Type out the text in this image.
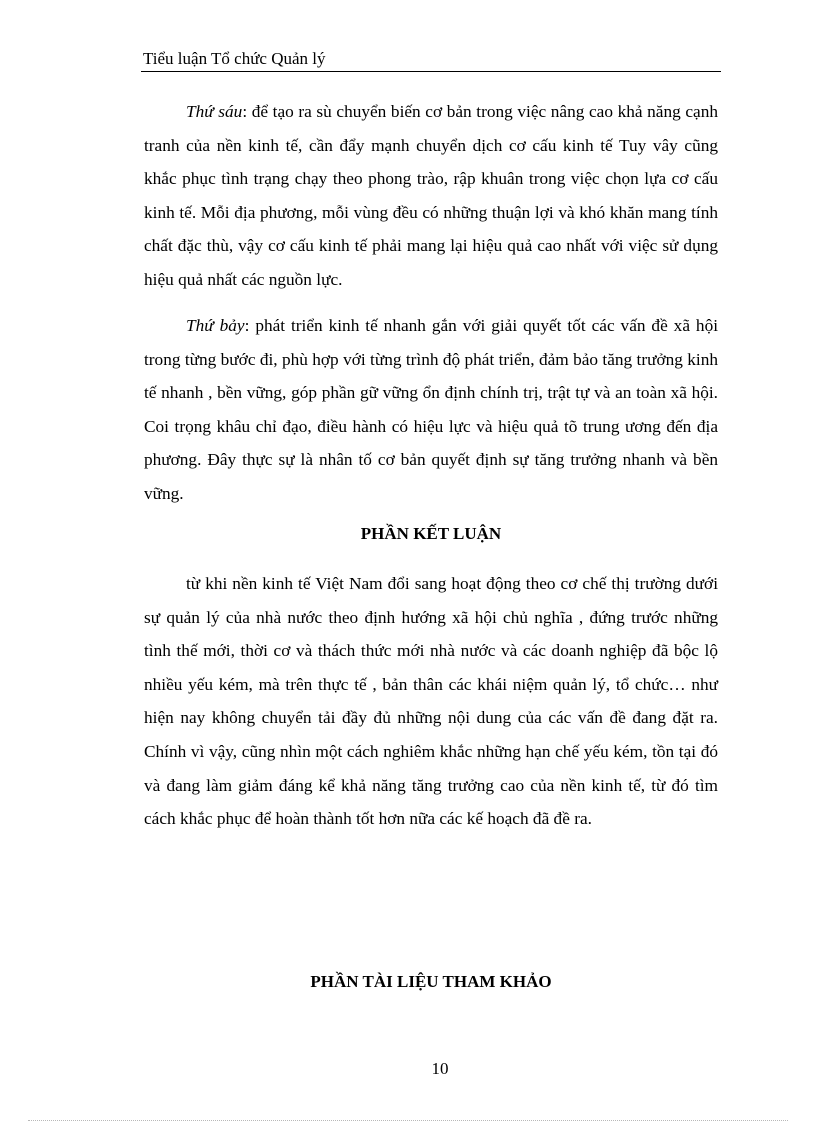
Tiểu luận Tổ chức Quản lý

Thứ sáu: để tạo ra sù chuyển biến cơ bản trong việc nâng cao khả năng cạnh tranh của nền kinh tế, cần đẩy mạnh chuyển dịch cơ cấu kinh tế Tuy vây cũng khắc phục tình trạng chạy theo phong trào, rập khuân trong việc chọn lựa cơ cấu kinh tế. Mỗi địa phương, mỗi vùng đều có những thuận lợi và khó khăn mang tính chất đặc thù, vậy cơ cấu kinh tế phải mang lại hiệu quả cao nhất với việc sử dụng hiệu quả nhất các nguồn lực.

Thứ bảy: phát triển kinh tế nhanh gắn với giải quyết tốt các vấn đề xã hội trong từng bước đi, phù hợp với từng trình độ phát triển, đảm bảo tăng trưởng kinh tế nhanh , bền vững, góp phần gữ vững ổn định chính trị, trật tự và an toàn xã hội. Coi trọng khâu chỉ đạo, điều hành có hiệu lực và hiệu quả tõ trung ương đến địa phương. Đây thực sự là nhân tố cơ bản quyết định sự tăng trưởng nhanh và bền vững.

PHẦN KẾT LUẬN

từ khi nền kinh tế Việt Nam đổi sang hoạt động theo cơ chế thị trường dưới sự quản lý của nhà nước theo định hướng xã hội chủ nghĩa , đứng trước những tình thế mới, thời cơ và thách thức mới nhà nước và các doanh nghiệp đã bộc lộ nhiều yếu kém, mà trên thực tế , bản thân các khái niệm quản lý, tổ chức… như hiện nay không chuyển tải đầy đủ những nội dung của các vấn đề đang đặt ra. Chính vì vậy, cũng nhìn một cách nghiêm khắc những hạn chế yếu kém, tồn tại đó và đang làm giảm đáng kể khả năng tăng trưởng cao của nền kinh tế, từ đó tìm cách khắc phục để hoàn thành tốt hơn nữa các kế hoạch đã đề ra.

PHẦN TÀI LIỆU THAM KHẢO
10
